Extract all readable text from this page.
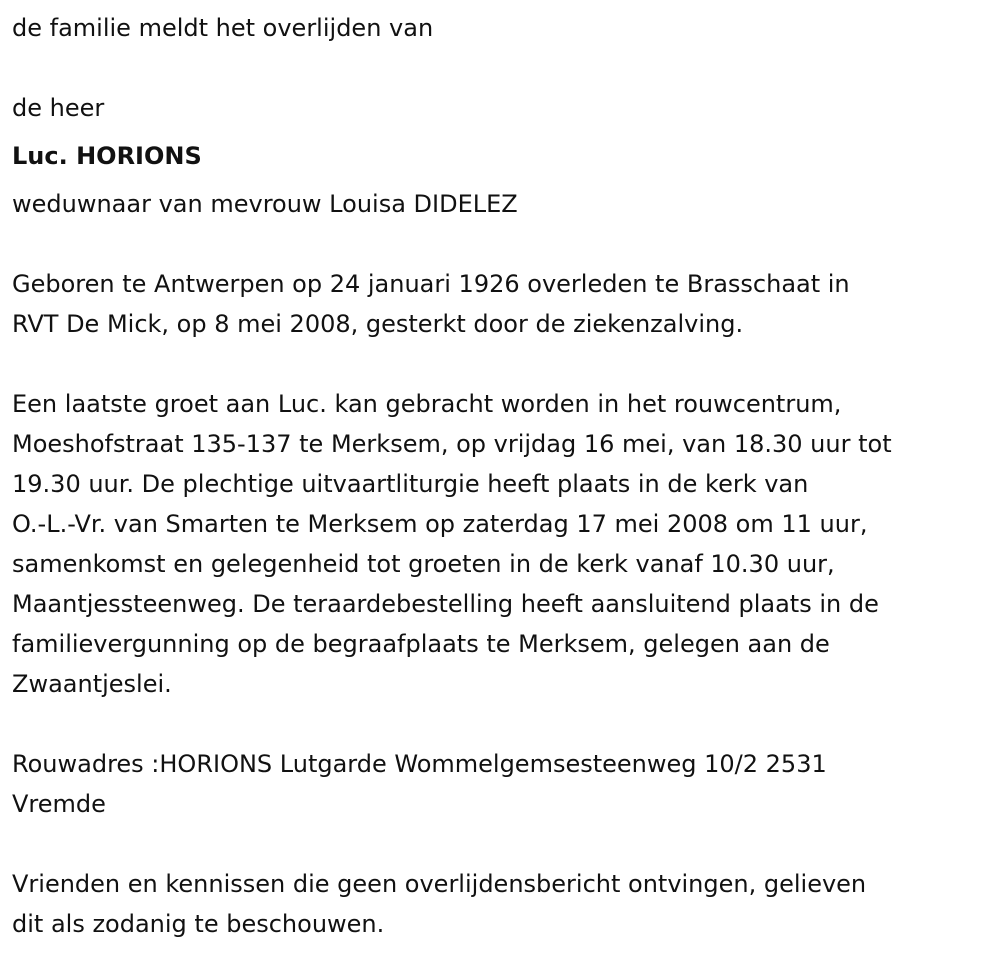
de familie meldt het overlijden van

de heer

Luc. HORIONS

weduwnaar van mevrouw Louisa DIDELEZ

Geboren te Antwerpen op 24 januari 1926 overleden te Brasschaat in

RVT De Mick, op 8 mei 2008, gesterkt door de ziekenzalving.

Een laatste groet aan Luc. kan gebracht worden in het rouwcentrum,

Moeshofstraat 135-137 te Merksem, op vrijdag 16 mei, van 18.30 uur tot

19.30 uur. De plechtige uitvaartliturgie heeft plaats in de kerk van

O.-L.-Vr. van Smarten te Merksem op zaterdag 17 mei 2008 om 11 uur,

samenkomst en gelegenheid tot groeten in de kerk vanaf 10.30 uur,

Maantjessteenweg. De teraardebestelling heeft aansluitend plaats in de

familievergunning op de begraafplaats te Merksem, gelegen aan de

Zwaantjeslei.

Rouwadres :HORIONS Lutgarde Wommelgemsesteenweg 10/2 2531

Vremde

Vrienden en kennissen die geen overlijdensbericht ontvingen, gelieven

dit als zodanig te beschouwen.
